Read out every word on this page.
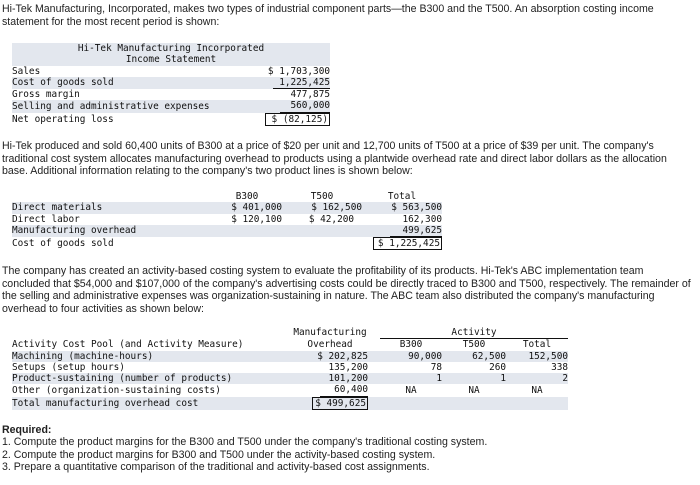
Hi-Tek Manufacturing, Incorporated, makes two types of industrial component parts—the B300 and the T500. An absorption costing income statement for the most recent period is shown:
Hi-Tek Manufacturing Incorporated	
Income Statement	
Sales	$ 1,703,300
Cost of goods sold	1,225,425
Gross margin	477,875
Selling and administrative expenses	560,000
Net operating loss	$ (82,125)
Hi-Tek produced and sold 60,400 units of B300 at a price of $20 per unit and 12,700 units of T500 at a price of $39 per unit. The company's traditional cost system allocates manufacturing overhead to products using a plantwide overhead rate and direct labor dollars as the allocation base. Additional information relating to the company's two product lines is shown below:
	B300	T500	Total
Direct materials	$ 401,000	$ 162,500	$ 563,500
Direct labor	$ 120,100	$ 42,200	162,300
Manufacturing overhead			499,625
Cost of goods sold			$ 1,225,425
The company has created an activity-based costing system to evaluate the profitability of its products. Hi-Tek's ABC implementation team concluded that $54,000 and $107,000 of the company's advertising costs could be directly traced to B300 and T500, respectively. The remainder of the selling and administrative expenses was organization-sustaining in nature. The ABC team also distributed the company's manufacturing overhead to four activities as shown below:
	Manufacturing		Activity		
Activity Cost Pool (and Activity Measure)	Overhead		B300	T500	Total
Machining (machine-hours)	$ 202,825		90,000	62,500	152,500
Setups (setup hours)	135,200		78	260	338
Product-sustaining (number of products)	101,200		1	1	2
Other (organization-sustaining costs)	60,400		NA	NA	NA
Total manufacturing overhead cost	$ 499,625				
Required:
1. Compute the product margins for the B300 and T500 under the company's traditional costing system.
2. Compute the product margins for B300 and T500 under the activity-based costing system.
3. Prepare a quantitative comparison of the traditional and activity-based cost assignments.
